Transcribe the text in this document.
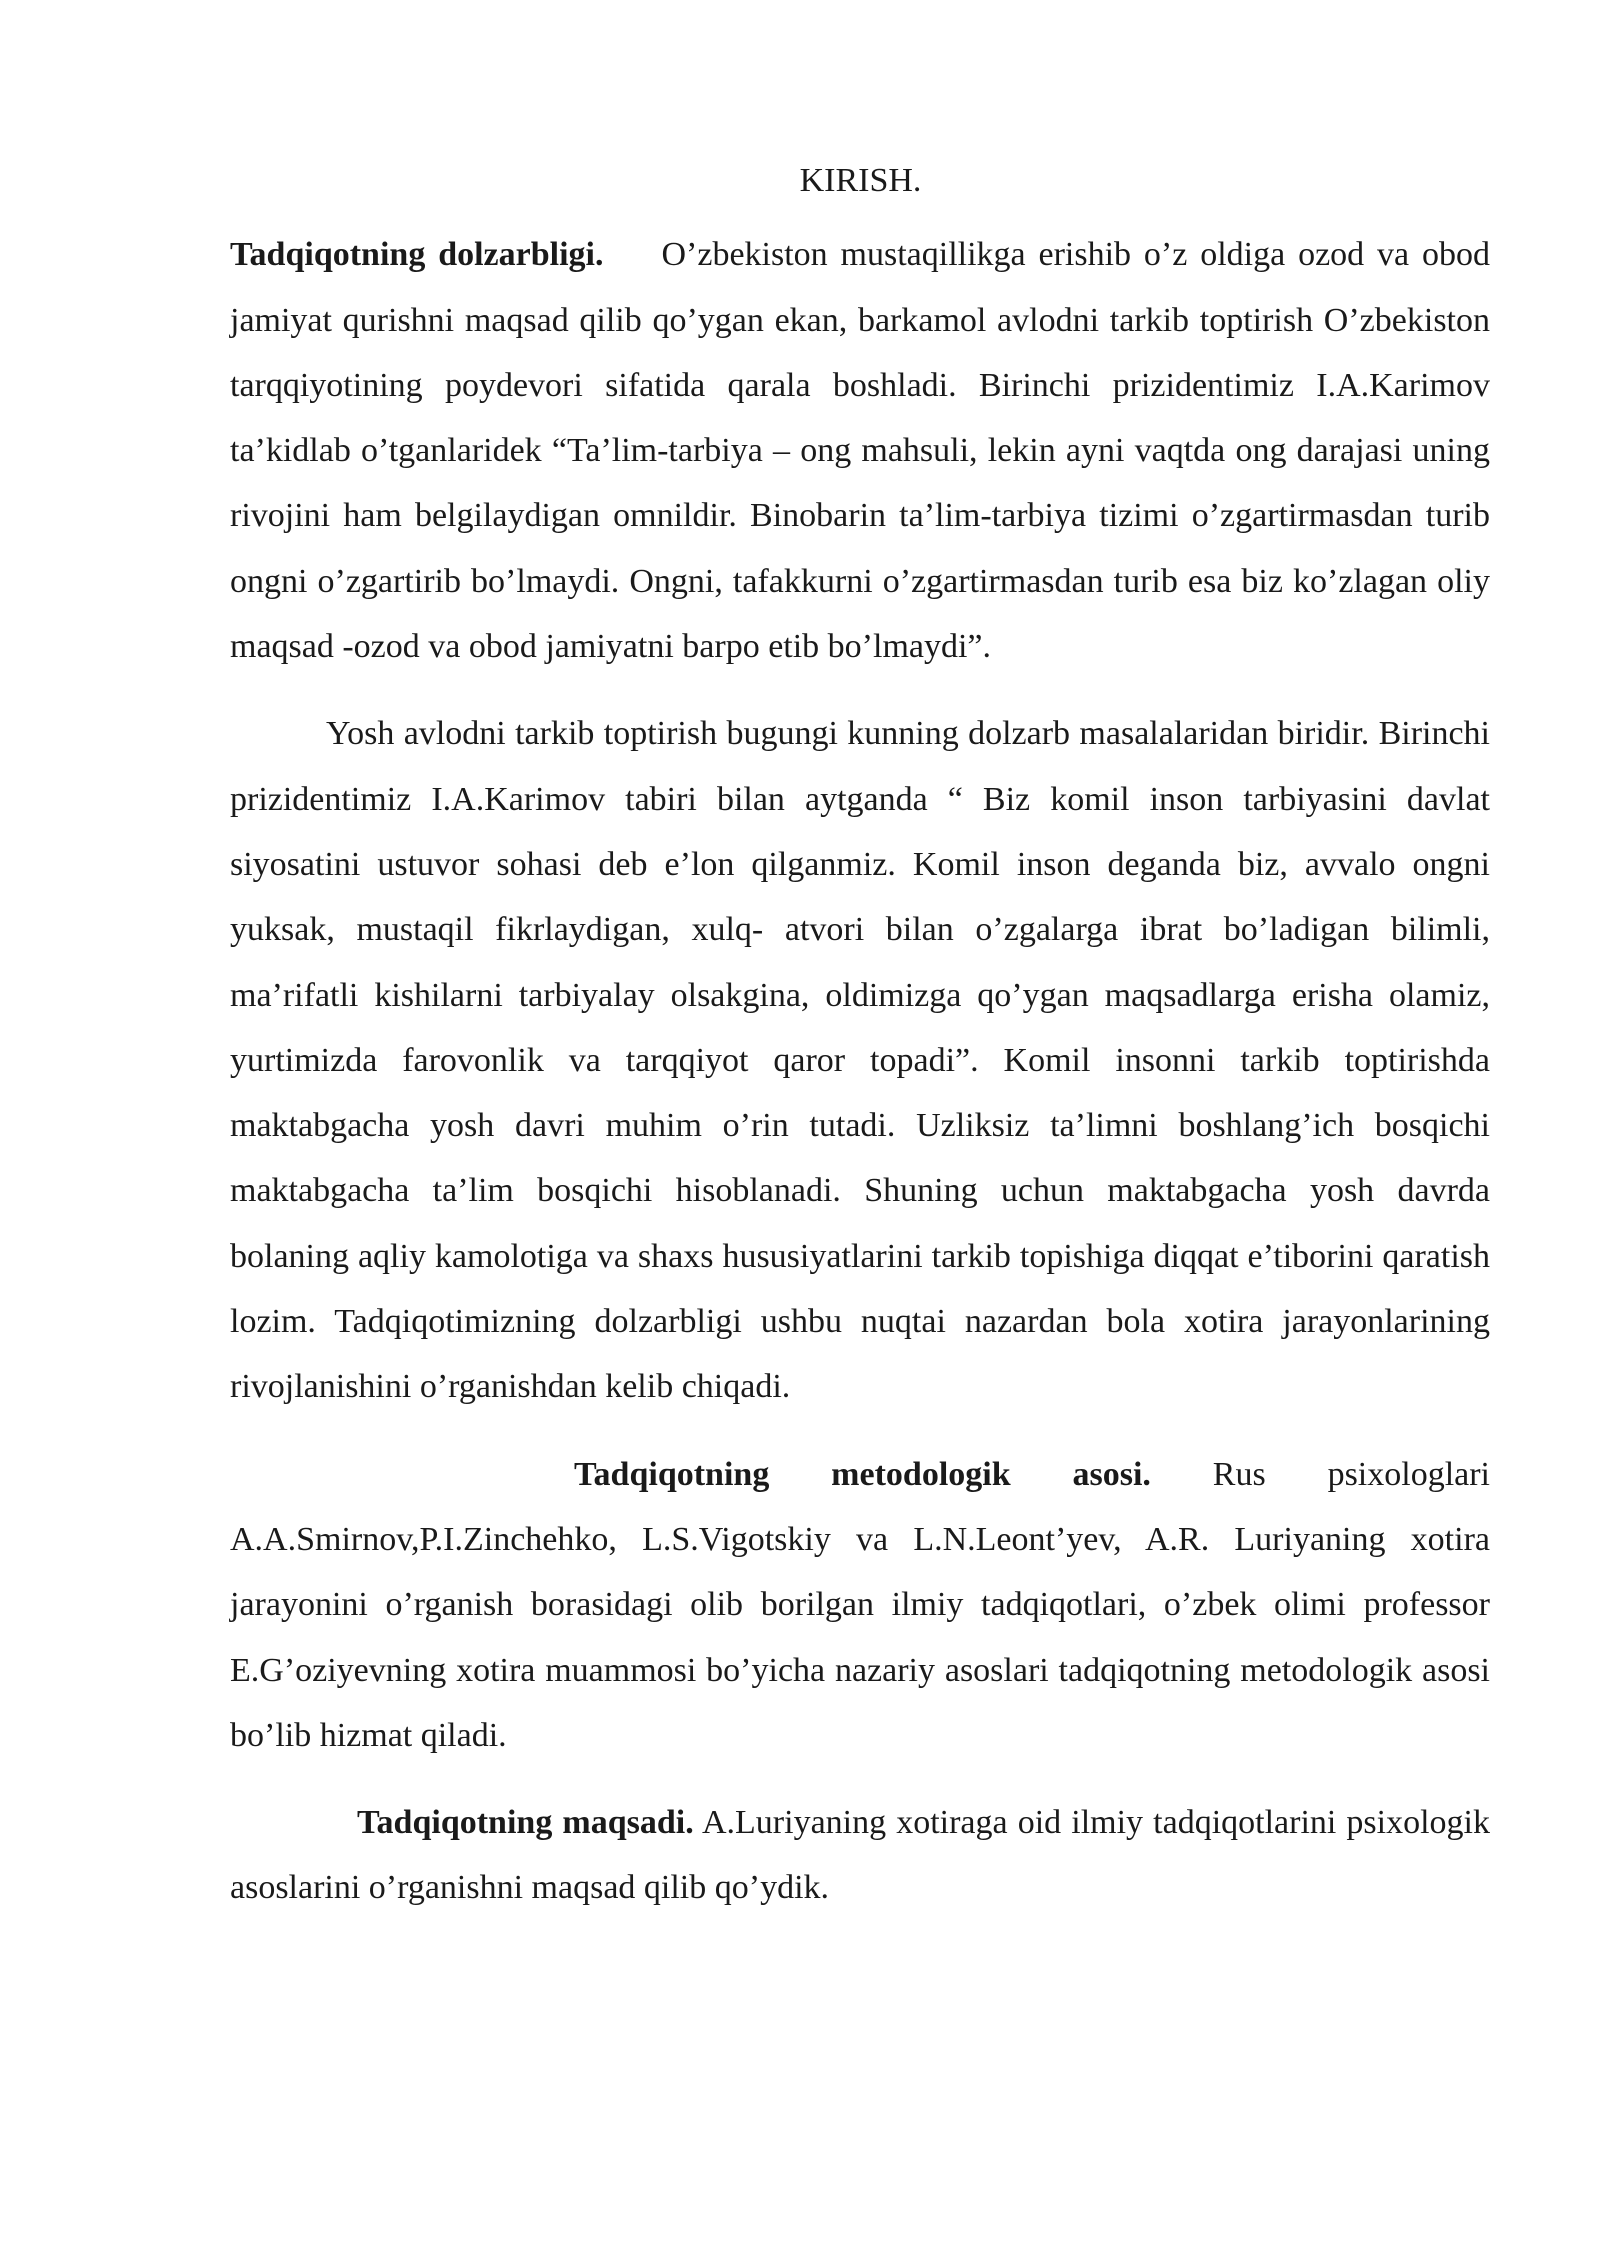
KIRISH.

Tadqiqotning dolzarbligi. O’zbekiston mustaqillikga erishib o’z oldiga ozod va obod jamiyat qurishni maqsad qilib qo’ygan ekan, barkamol avlodni tarkib toptirish O’zbekiston tarqqiyotining poydevori sifatida qarala boshladi. Birinchi prizidentimiz I.A.Karimov ta’kidlab o’tganlaridek “Ta’lim-tarbiya – ong mahsuli, lekin ayni vaqtda ong darajasi uning rivojini ham belgilaydigan omnildir. Binobarin ta’lim-tarbiya tizimi o’zgartirmasdan turib ongni o’zgartirib bo’lmaydi. Ongni, tafakkurni o’zgartirmasdan turib esa biz ko’zlagan oliy maqsad -ozod va obod jamiyatni barpo etib bo’lmaydi”.

Yosh avlodni tarkib toptirish bugungi kunning dolzarb masalalaridan biridir. Birinchi prizidentimiz I.A.Karimov tabiri bilan aytganda “ Biz komil inson tarbiyasini davlat siyosatini ustuvor sohasi deb e’lon qilganmiz. Komil inson deganda biz, avvalo ongni yuksak, mustaqil fikrlaydigan, xulq- atvori bilan o’zgalarga ibrat bo’ladigan bilimli, ma’rifatli kishilarni tarbiyalay olsakgina, oldimizga qo’ygan maqsadlarga erisha olamiz, yurtimizda farovonlik va tarqqiyot qaror topadi”. Komil insonni tarkib toptirishda maktabgacha yosh davri muhim o’rin tutadi. Uzliksiz ta’limni boshlang’ich bosqichi maktabgacha ta’lim bosqichi hisoblanadi. Shuning uchun maktabgacha yosh davrda bolaning aqliy kamolotiga va shaxs hususiyatlarini tarkib topishiga diqqat e’tiborini qaratish lozim. Tadqiqotimizning dolzarbligi ushbu nuqtai nazardan bola xotira jarayonlarining rivojlanishini o’rganishdan kelib chiqadi.

Tadqiqotning metodologik asosi. Rus psixologlari A.A.Smirnov,P.I.Zinchehko, L.S.Vigotskiy va L.N.Leont’yev, A.R. Luriyaning xotira jarayonini o’rganish borasidagi olib borilgan ilmiy tadqiqotlari, o’zbek olimi professor E.G’oziyevning xotira muammosi bo’yicha nazariy asoslari tadqiqotning metodologik asosi bo’lib hizmat qiladi.

Tadqiqotning maqsadi. A.Luriyaning xotiraga oid ilmiy tadqiqotlarini psixologik asoslarini o’rganishni maqsad qilib qo’ydik.
